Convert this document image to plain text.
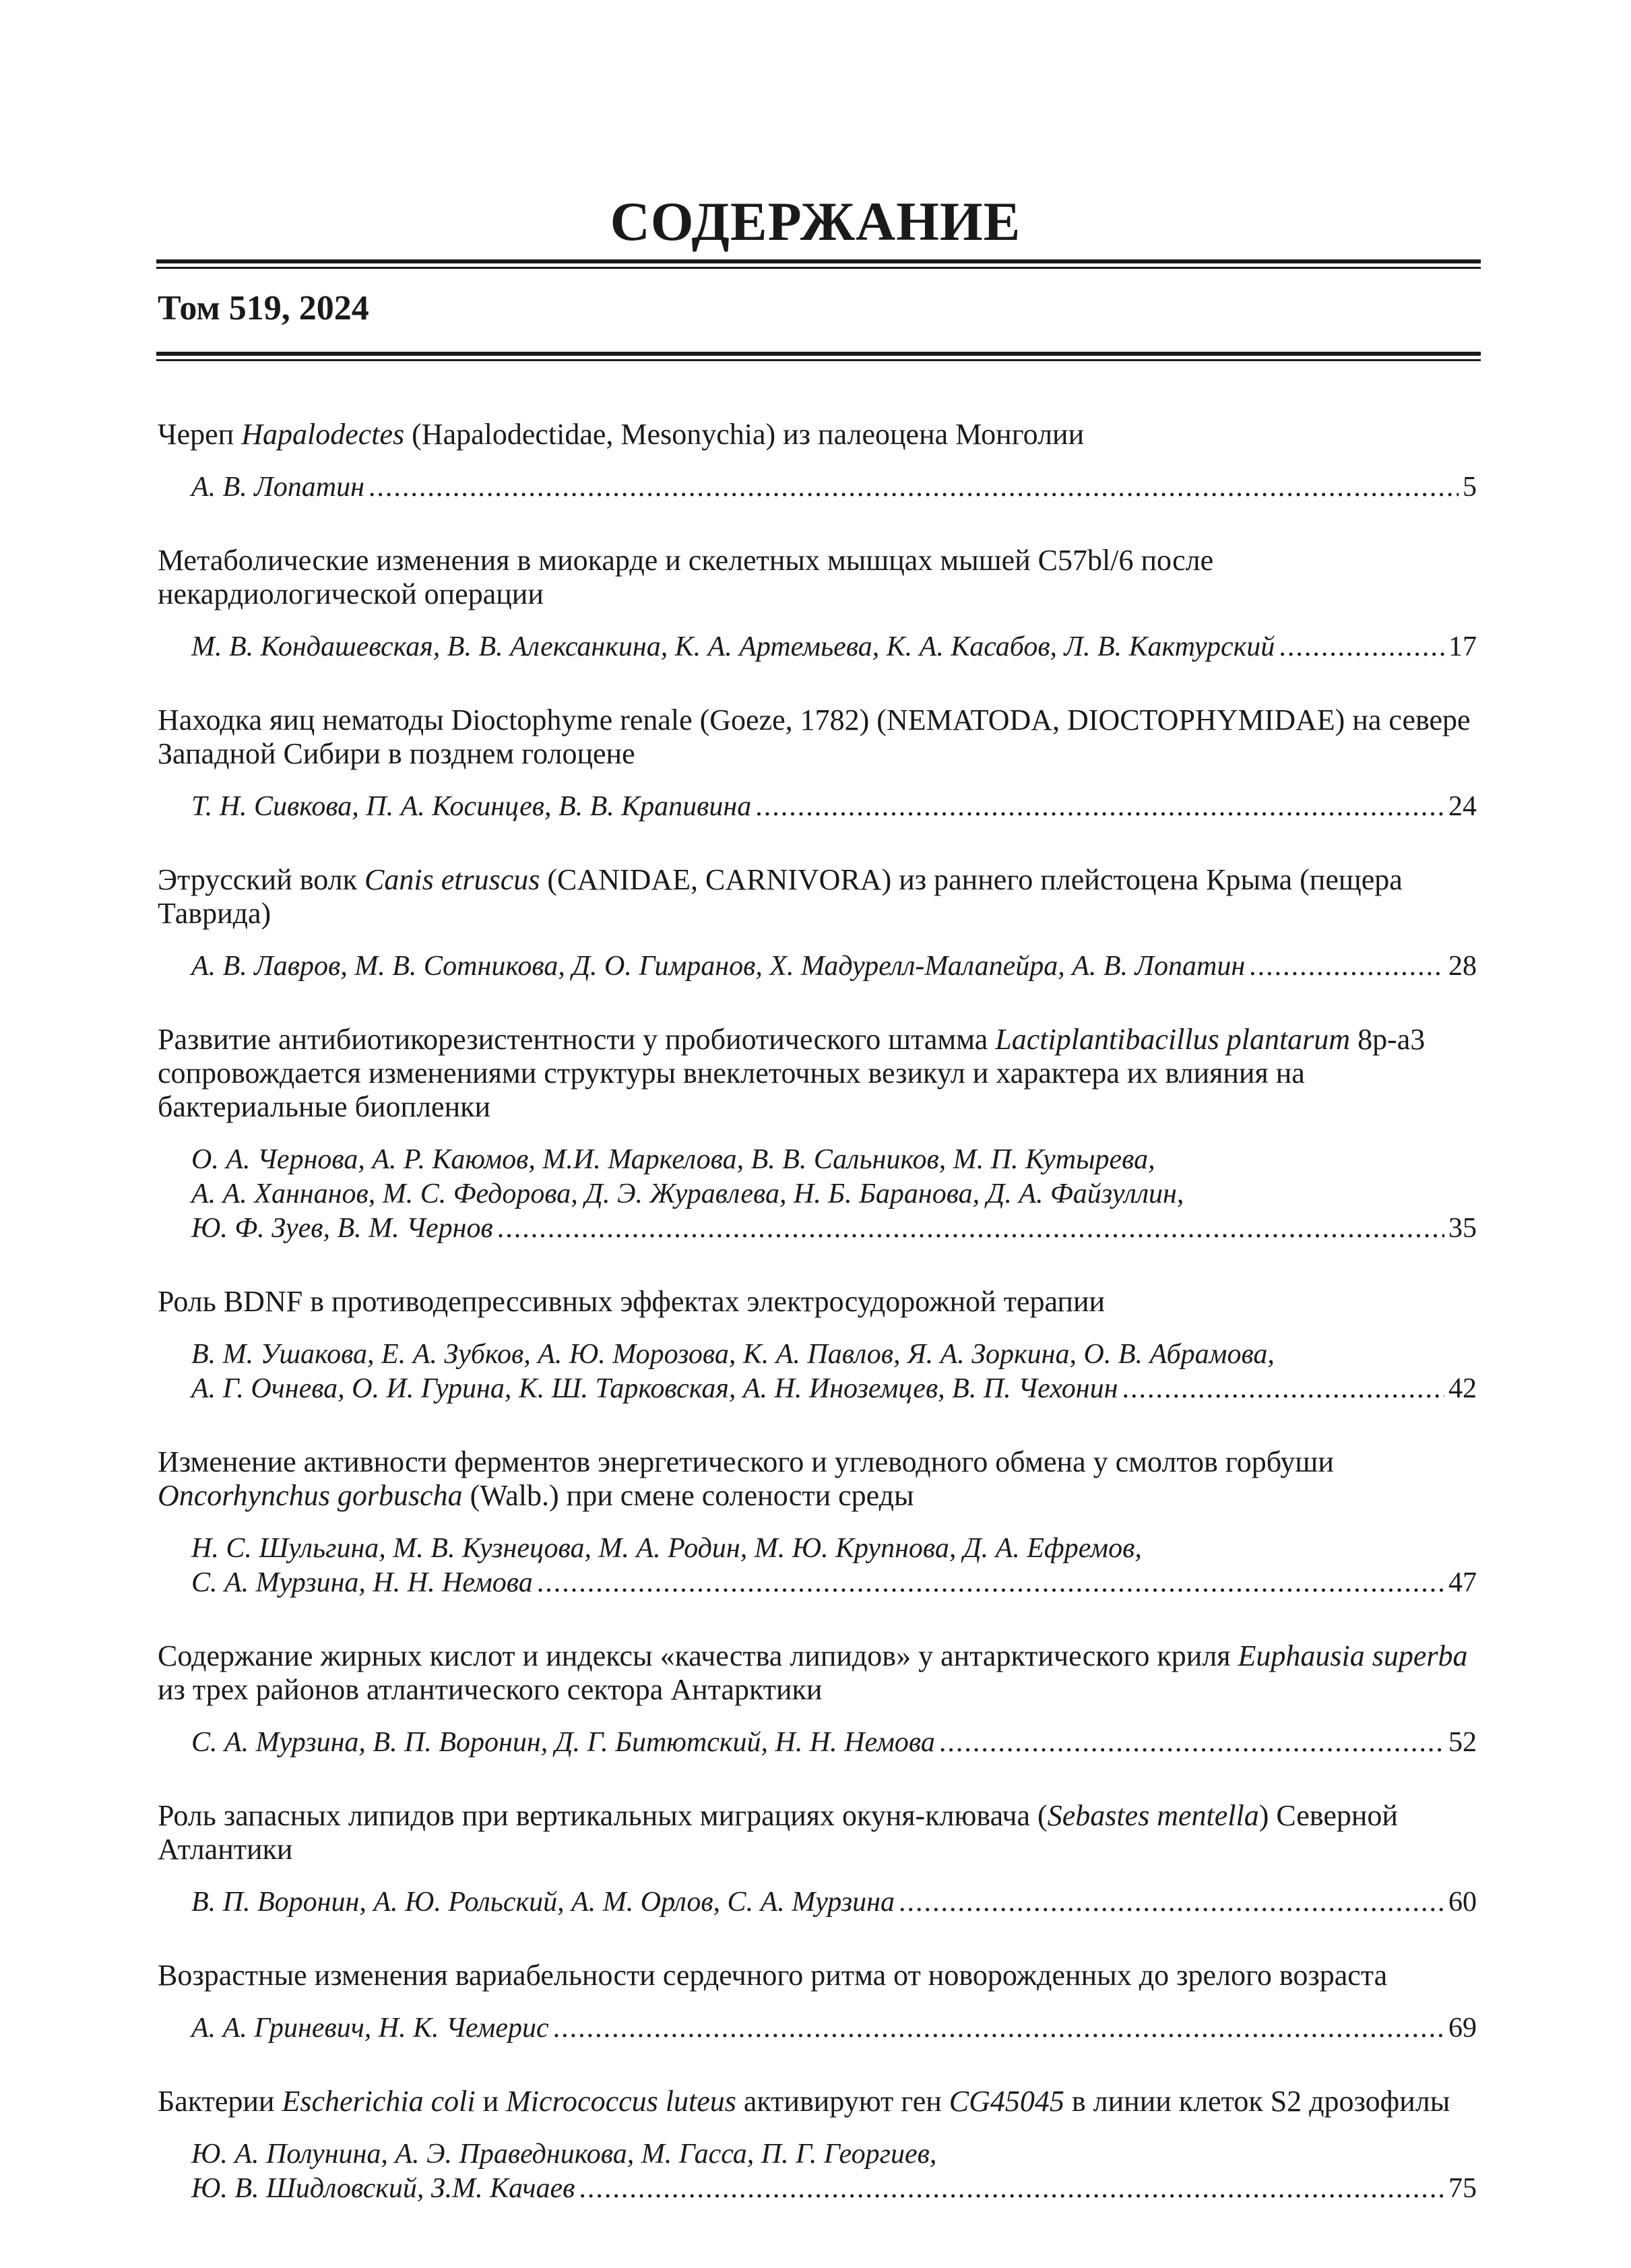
СОДЕРЖАНИЕ
Том 519, 2024
Череп Hapalodectes (Hapalodectidae, Mesonychia) из палеоцена Монголии
А. В. Лопатин .....	5
Метаболические изменения в миокарде и скелетных мышцах мышей C57bl/6 после некардиологической операции
М. В. Кондашевская, В. В. Алексанкина, К. А. Артемьева, К. А. Касабов, Л. В. Кактурский .....	17
Находка яиц нематоды Dioctophyme renale (Goeze, 1782) (NEMATODA, DIOCTOPHYMIDAE) на севере Западной Сибири в позднем голоцене
Т. Н. Сивкова, П. А. Косинцев, В. В. Крапивина .....	24
Этрусский волк Canis etruscus (CANIDAE, CARNIVORA) из раннего плейстоцена Крыма (пещера Таврида)
А. В. Лавров, М. В. Сотникова, Д. О. Гимранов, Х. Мадурелл-Малапейра, А. В. Лопатин .....	28
Развитие антибиотикорезистентности у пробиотического штамма Lactiplantibacillus plantarum 8р-а3 сопровождается изменениями структуры внеклеточных везикул и характера их влияния на бактериальные биопленки
О. А. Чернова, А. Р. Каюмов, М.И. Маркелова, В. В. Сальников, М. П. Кутырева,
А. А. Ханнанов, М. С. Федорова, Д. Э. Журавлева, Н. Б. Баранова, Д. А. Файзуллин,
Ю. Ф. Зуев, В. М. Чернов .....	35
Роль BDNF в противодепрессивных эффектах электросудорожной терапии
В. М. Ушакова, Е. А. Зубков, А. Ю. Морозова, К. А. Павлов, Я. А. Зоркина, О. В. Абрамова,
А. Г. Очнева, О. И. Гурина, К. Ш. Тарковская, А. Н. Иноземцев, В. П. Чехонин .....	42
Изменение активности ферментов энергетического и углеводного обмена у смолтов горбуши Oncorhynchus gorbuscha (Walb.) при смене солености среды
Н. С. Шульгина, М. В. Кузнецова, М. А. Родин, М. Ю. Крупнова, Д. А. Ефремов,
С. А. Мурзина, Н. Н. Немова .....	47
Содержание жирных кислот и индексы «качества липидов» у антарктического криля Euphausia superba из трех районов атлантического сектора Антарктики
С. А. Мурзина, В. П. Воронин, Д. Г. Битютский, Н. Н. Немова .....	52
Роль запасных липидов при вертикальных миграциях окуня-клювача (Sebastes mentella) Северной Атлантики
В. П. Воронин, А. Ю. Рольский, А. М. Орлов, С. А. Мурзина .....	60
Возрастные изменения вариабельности сердечного ритма от новорожденных до зрелого возраста
А. А. Гриневич, Н. К. Чемерис .....	69
Бактерии Escherichia coli и Micrococcus luteus активируют ген CG45045 в линии клеток S2 дрозофилы
Ю. А. Полунина, А. Э. Праведникова, М. Гасса, П. Г. Георгиев,
Ю. В. Шидловский, З.М. Качаев .....	75
